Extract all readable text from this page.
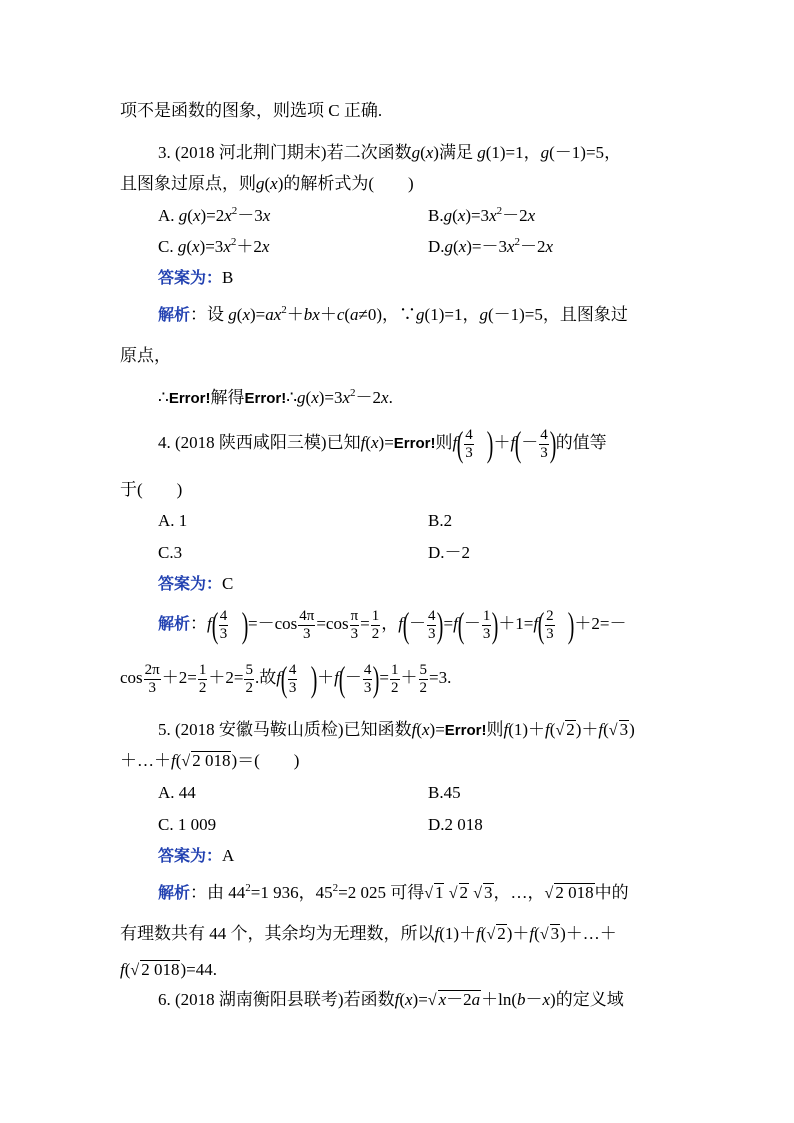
项不是函数的图象，则选项 C 正确.
3. (2018 河北荆门期末)若二次函数g(x)满足 g(1)=1，g(－1)=5，
且图象过原点，则g(x)的解析式为(　　)
A. $g(x)=2x^2-3x$	$B.g(x)=3x^2-2x$
C. $g(x)=3x^2+2x$	$D.g(x)=-3x^2-2x$
答案为：B
解析：设 $g(x)=ax^2+bx+c(a\ne 0)$，∵g(1)=1，g(－1)=5，且图象过
原点，
∴Error!解得$Error!\therefore g(x)=3x^2-2x$.
4. (2018 陕西咸阳三模)已知f(x)=Error!则$f( \frac{4}{3} )+f(- \frac{4}{3}$ )的值等
于(　　)
A. 1	B.2
C.3	D.－2
答案为：C
解析：$f( \frac{4}{3} )=-\cos \frac{4\pi}{3} =\cos \frac{\pi}{3} = \frac{1}{2}$ ，$f(- \frac{4}{3} )=f(- \frac{1}{3} )+1=f( \frac{2}{3} )+2=-$
$\cos \frac{2\pi}{3} +2= \frac{1}{2} +2= \frac{5}{2}$ .故$f( \frac{4}{3} )+f(- \frac{4}{3}$ )= $\frac{1}{2} + \frac{5}{2} =3$.
5. (2018 安徽马鞍山质检)已知函数f(x)=Error!则f(1)＋f(√ 2)＋f(√ 3)
＋…＋f(√ 2 018)＝(　　)
A. 44	B.45
C. 1 009	D.2 018
答案为：A
解析：由 $44^2=1$ 936，$45^2=2$ 025 可得√ 1 √ 2 √ 3，…，√ 2 018中的
有理数共有 44 个，其余均为无理数，所以f(1)＋f(√ 2)＋f(√ 3)＋…＋
f(√ 2 018)=44.
6. (2018 湖南衡阳县联考)若函数f(x)=√ x－2a＋ln(b－x)的定义域
